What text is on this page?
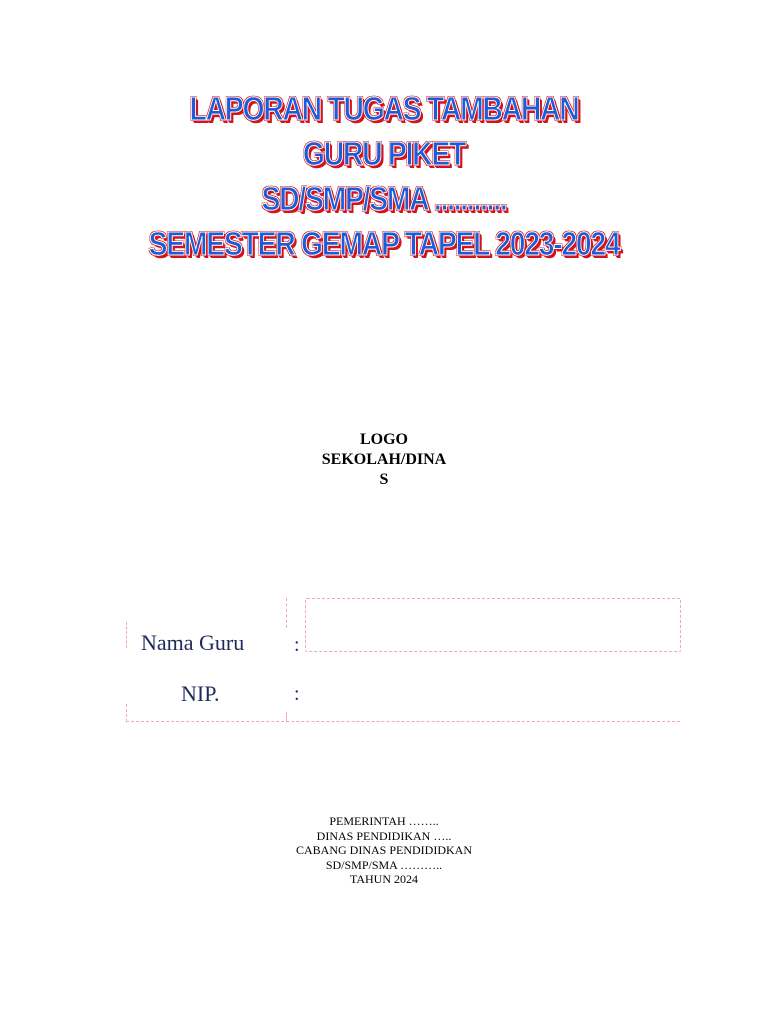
LAPORAN TUGAS TAMBAHAN
GURU PIKET
SD/SMP/SMA ...........
SEMESTER GEMAP TAPEL 2023-2024
LOGO
SEKOLAH/DINA
S
Nama Guru :
NIP.	:
PEMERINTAH ……..
DINAS PENDIDIKAN …..
CABANG DINAS PENDIDIDKAN
SD/SMP/SMA ………..
TAHUN 2024
